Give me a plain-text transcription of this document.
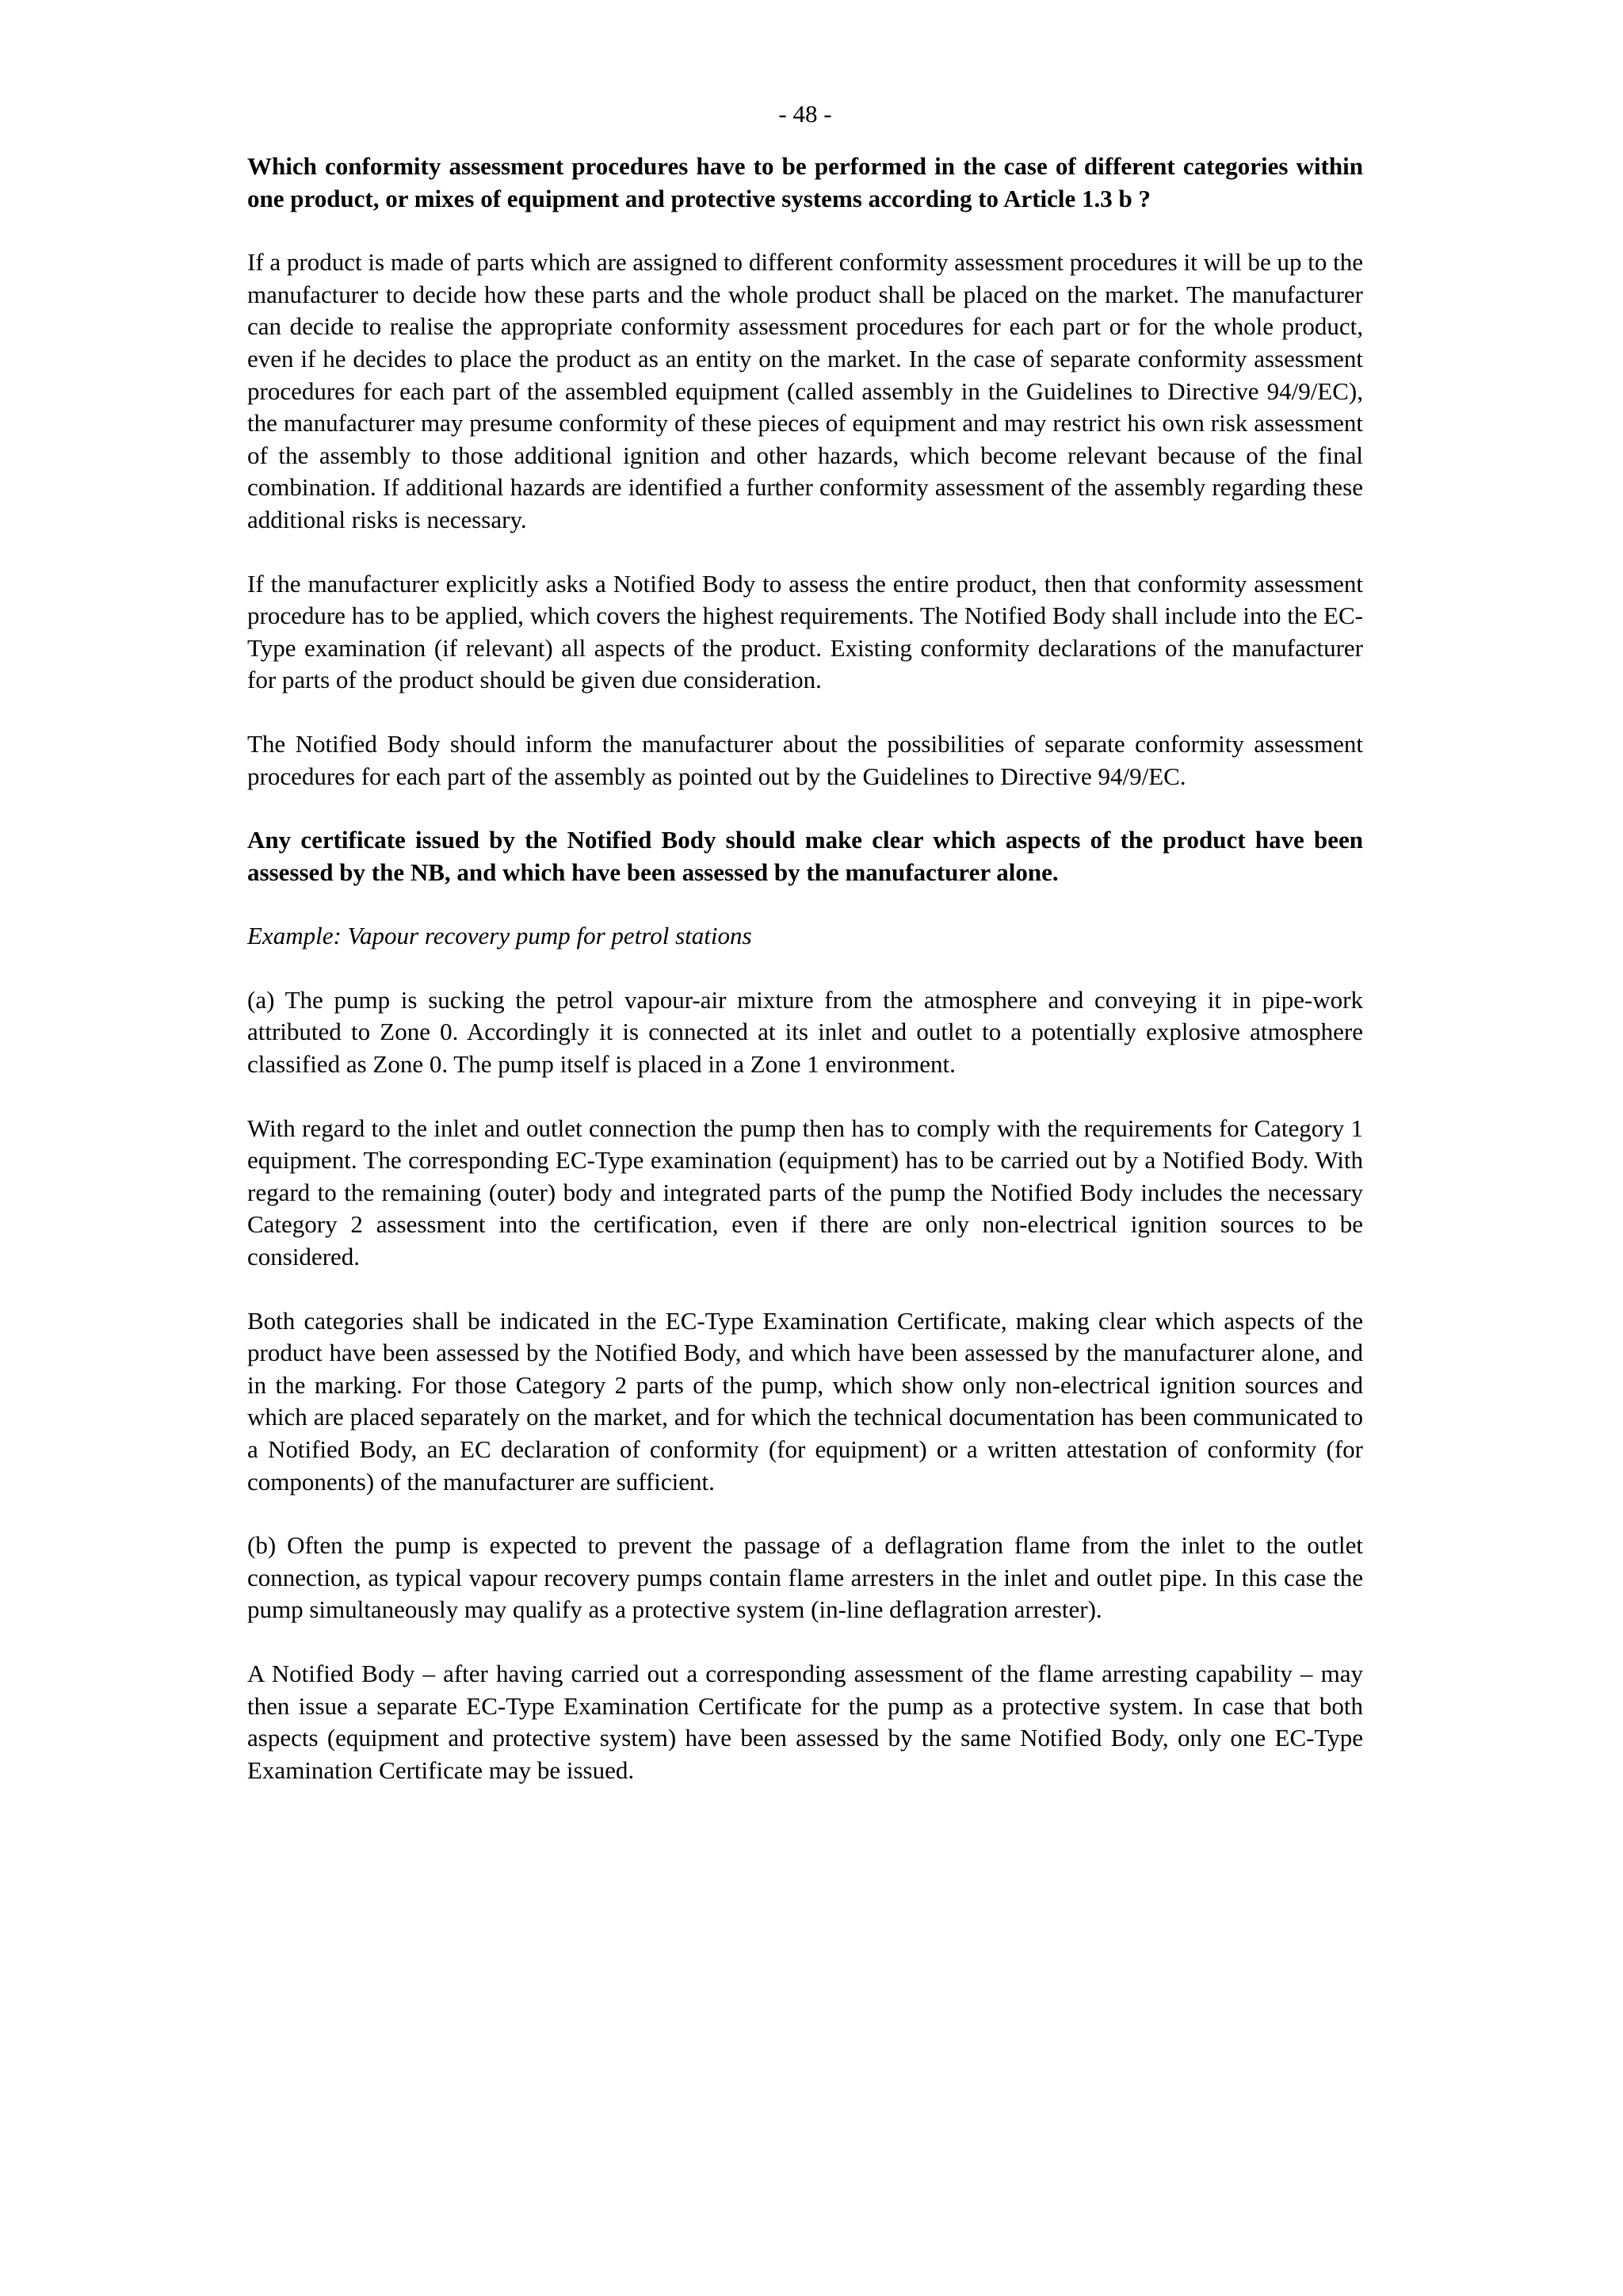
- 48 -

Which conformity assessment procedures have to be performed in the case of different categories within one product, or mixes of equipment and protective systems according to Article 1.3 b ?

If a product is made of parts which are assigned to different conformity assessment procedures it will be up to the manufacturer to decide how these parts and the whole product shall be placed on the market. The manufacturer can decide to realise the appropriate conformity assessment procedures for each part or for the whole product, even if he decides to place the product as an entity on the market. In the case of separate conformity assessment procedures for each part of the assembled equipment (called assembly in the Guidelines to Directive 94/9/EC), the manufacturer may presume conformity of these pieces of equipment and may restrict his own risk assessment of the assembly to those additional ignition and other hazards, which become relevant because of the final combination. If additional hazards are identified a further conformity assessment of the assembly regarding these additional risks is necessary.

If the manufacturer explicitly asks a Notified Body to assess the entire product, then that conformity assessment procedure has to be applied, which covers the highest requirements. The Notified Body shall include into the EC-Type examination (if relevant) all aspects of the product. Existing conformity declarations of the manufacturer for parts of the product should be given due consideration.

The Notified Body should inform the manufacturer about the possibilities of separate conformity assessment procedures for each part of the assembly as pointed out by the Guidelines to Directive 94/9/EC.

Any certificate issued by the Notified Body should make clear which aspects of the product have been assessed by the NB, and which have been assessed by the manufacturer alone.

Example: Vapour recovery pump for petrol stations

(a) The pump is sucking the petrol vapour-air mixture from the atmosphere and conveying it in pipe-work attributed to Zone 0. Accordingly it is connected at its inlet and outlet to a potentially explosive atmosphere classified as Zone 0. The pump itself is placed in a Zone 1 environment.

With regard to the inlet and outlet connection the pump then has to comply with the requirements for Category 1 equipment. The corresponding EC-Type examination (equipment) has to be carried out by a Notified Body. With regard to the remaining (outer) body and integrated parts of the pump the Notified Body includes the necessary Category 2 assessment into the certification, even if there are only non-electrical ignition sources to be considered.

Both categories shall be indicated in the EC-Type Examination Certificate, making clear which aspects of the product have been assessed by the Notified Body, and which have been assessed by the manufacturer alone, and in the marking. For those Category 2 parts of the pump, which show only non-electrical ignition sources and which are placed separately on the market, and for which the technical documentation has been communicated to a Notified Body, an EC declaration of conformity (for equipment) or a written attestation of conformity (for components) of the manufacturer are sufficient.

(b) Often the pump is expected to prevent the passage of a deflagration flame from the inlet to the outlet connection, as typical vapour recovery pumps contain flame arresters in the inlet and outlet pipe. In this case the pump simultaneously may qualify as a protective system (in-line deflagration arrester).

A Notified Body – after having carried out a corresponding assessment of the flame arresting capability – may then issue a separate EC-Type Examination Certificate for the pump as a protective system. In case that both aspects (equipment and protective system) have been assessed by the same Notified Body, only one EC-Type Examination Certificate may be issued.
